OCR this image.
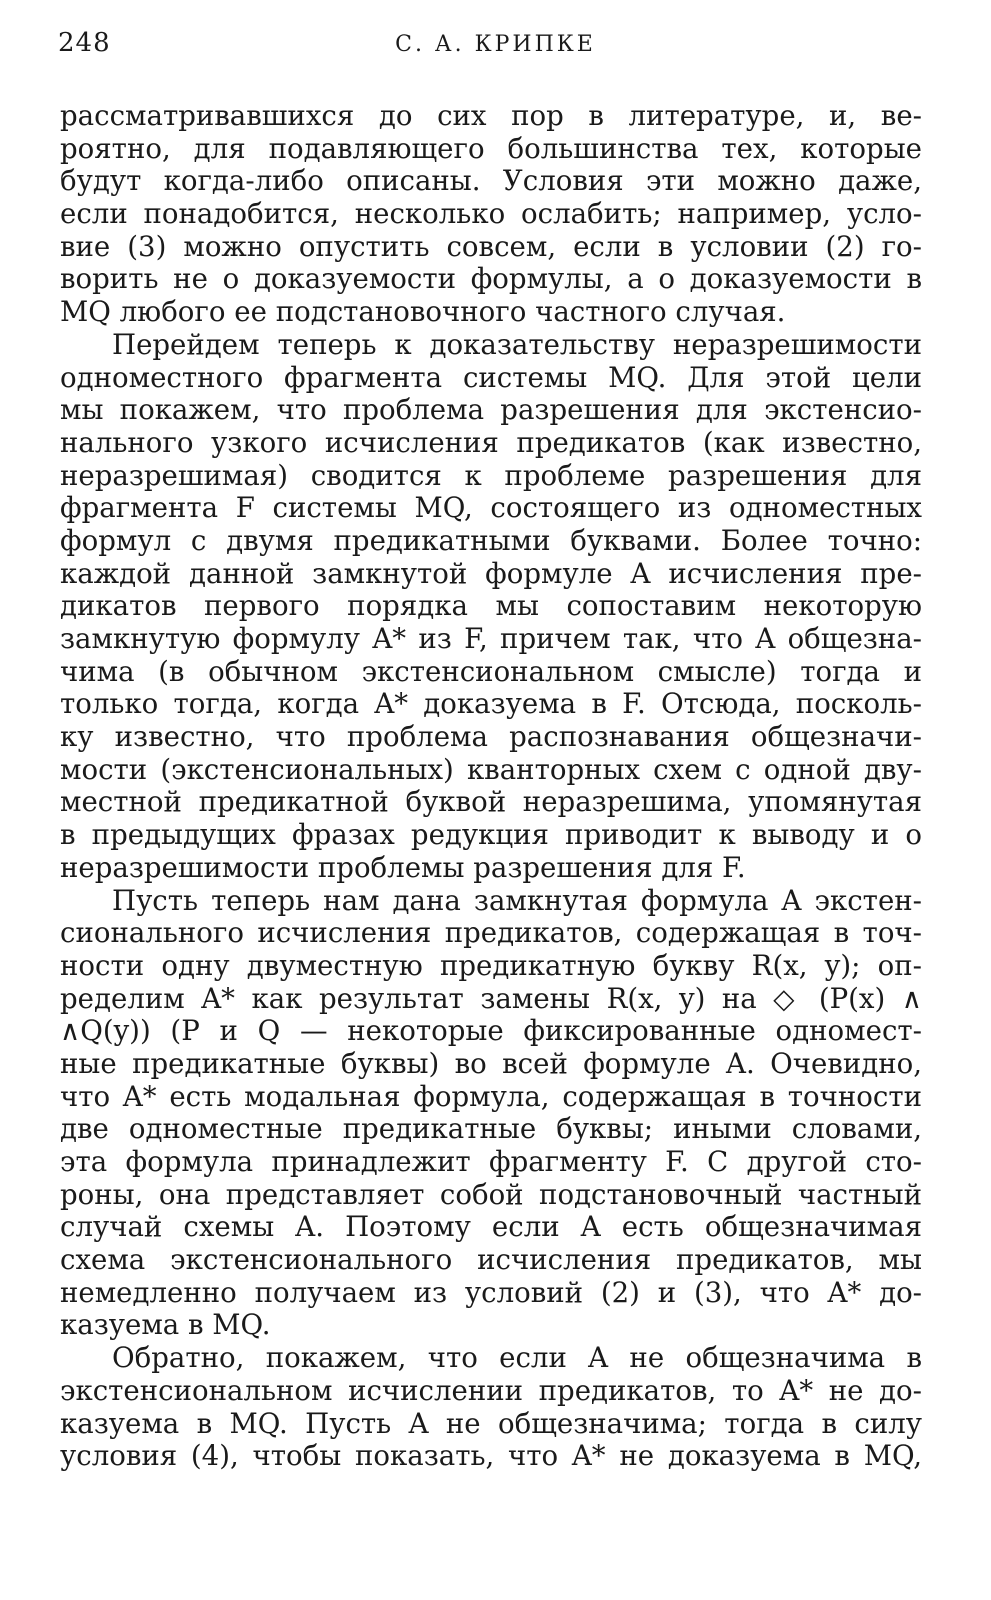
248	С. А. КРИПКЕ
рассматривавшихся до сих пор в литературе, и, ве-
роятно, для подавляющего большинства тех, которые
будут когда-либо описаны. Условия эти можно даже,
если понадобится, несколько ослабить; например, усло-
вие (3) можно опустить совсем, если в условии (2) го-
ворить не о доказуемости формулы, а о доказуемости в
MQ любого ее подстановочного частного случая.
Перейдем теперь к доказательству неразрешимости
одноместного фрагмента системы MQ. Для этой цели
мы покажем, что проблема разрешения для экстенсио-
нального узкого исчисления предикатов (как известно,
неразрешимая) сводится к проблеме разрешения для
фрагмента F системы MQ, состоящего из одноместных
формул с двумя предикатными буквами. Более точно:
каждой данной замкнутой формуле A исчисления пре-
дикатов первого порядка мы сопоставим некоторую
замкнутую формулу A* из F, причем так, что A общезна-
чима (в обычном экстенсиональном смысле) тогда и
только тогда, когда A* доказуема в F. Отсюда, посколь-
ку известно, что проблема распознавания общезначи-
мости (экстенсиональных) кванторных схем с одной дву-
местной предикатной буквой неразрешима, упомянутая
в предыдущих фразах редукция приводит к выводу и о
неразрешимости проблемы разрешения для F.
Пусть теперь нам дана замкнутая формула A экстен-
сионального исчисления предикатов, содержащая в точ-
ности одну двуместную предикатную букву R(x, y); оп-
ределим A* как результат замены R(x, y) на ◇ (P(x) ∧
∧Q(y)) (P и Q — некоторые фиксированные одномест-
ные предикатные буквы) во всей формуле A. Очевидно,
что A* есть модальная формула, содержащая в точности
две одноместные предикатные буквы; иными словами,
эта формула принадлежит фрагменту F. С другой сто-
роны, она представляет собой подстановочный частный
случай схемы A. Поэтому если A есть общезначимая
схема экстенсионального исчисления предикатов, мы
немедленно получаем из условий (2) и (3), что A* до-
казуема в MQ.
Обратно, покажем, что если A не общезначима в
экстенсиональном исчислении предикатов, то A* не до-
казуема в MQ. Пусть A не общезначима; тогда в силу
условия (4), чтобы показать, что A* не доказуема в MQ,
